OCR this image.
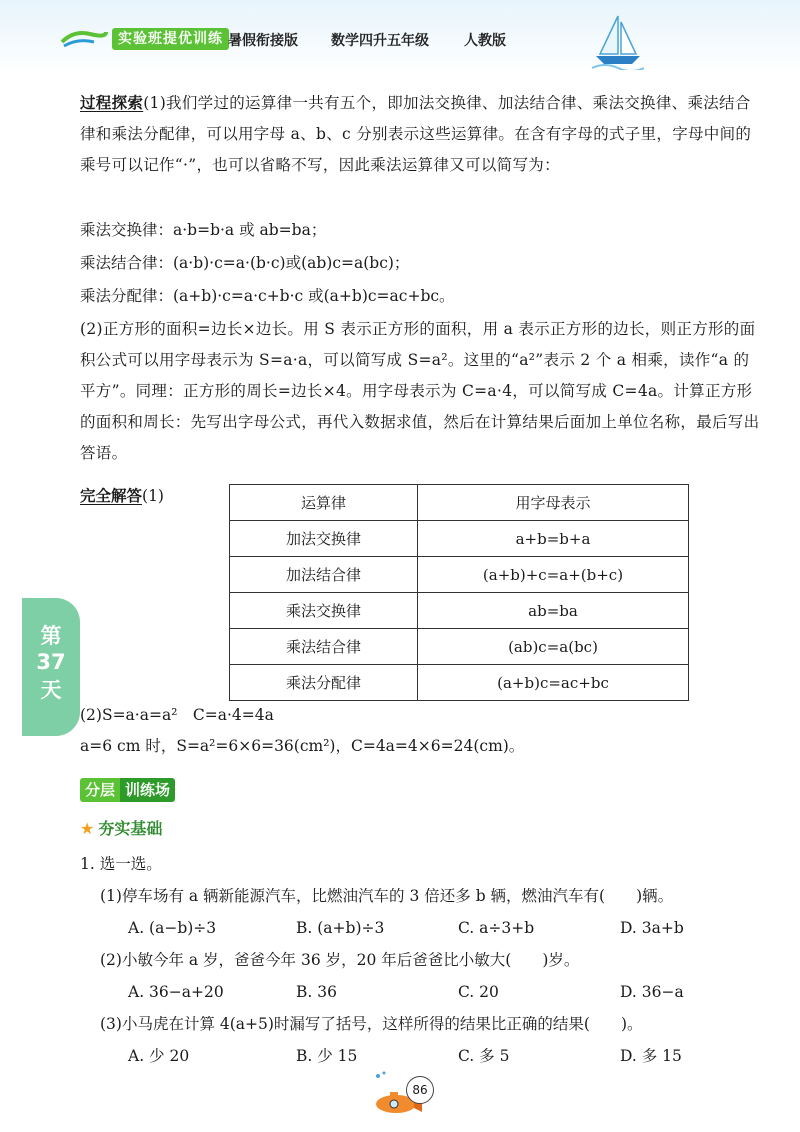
实验班提优训练 暑假衔接版 数学四升五年级	人教版
第
37
天

过程探索(1)我们学过的运算律一共有五个，即加法交换律、加法结合律、乘法交换律、乘法结合律和乘法分配律，可以用字母 a、b、c 分别表示这些运算律。在含有字母的式子里，字母中间的乘号可以记作“·”，也可以省略不写，因此乘法运算律又可以简写为：

乘法交换律：a·b=b·a 或 ab=ba；
乘法结合律：(a·b)·c=a·(b·c)或(ab)c=a(bc)；
乘法分配律：(a+b)·c=a·c+b·c 或(a+b)c=ac+bc。

(2)正方形的面积=边长×边长。用 S 表示正方形的面积，用 a 表示正方形的边长，则正方形的面积公式可以用字母表示为 S=a·a，可以简写成 S=a²。这里的“a²”表示 2 个 a 相乘，读作“a 的平方”。同理：正方形的周长=边长×4。用字母表示为 C=a·4，可以简写成 C=4a。计算正方形的面积和周长：先写出字母公式，再代入数据求值，然后在计算结果后面加上单位名称，最后写出答语。

完全解答(1)	运算律	用字母表示
加法交换律	a+b=b+a
加法结合律	(a+b)+c=a+(b+c)
乘法交换律	ab=ba
乘法结合律	(ab)c=a(bc)
乘法分配律	(a+b)c=ac+bc
(2)S=a·a=a²　C=a·4=4a
a=6 cm 时，S=a²=6×6=36(cm²)，C=4a=4×6=24(cm)。
分层 训练场
★ 夯实基础
1. 选一选。
(1)停车场有 a 辆新能源汽车，比燃油汽车的 3 倍还多 b 辆，燃油汽车有(　　)辆。
A. (a−b)÷3	B. (a+b)÷3	C. a÷3+b	D. 3a+b
(2)小敏今年 a 岁，爸爸今年 36 岁，20 年后爸爸比小敏大(　　)岁。
A. 36−a+20	B. 36	C. 20	D. 36−a
(3)小马虎在计算 4(a+5)时漏写了括号，这样所得的结果比正确的结果(　　)。
A. 少 20	B. 少 15	C. 多 5	D. 多 15
86
